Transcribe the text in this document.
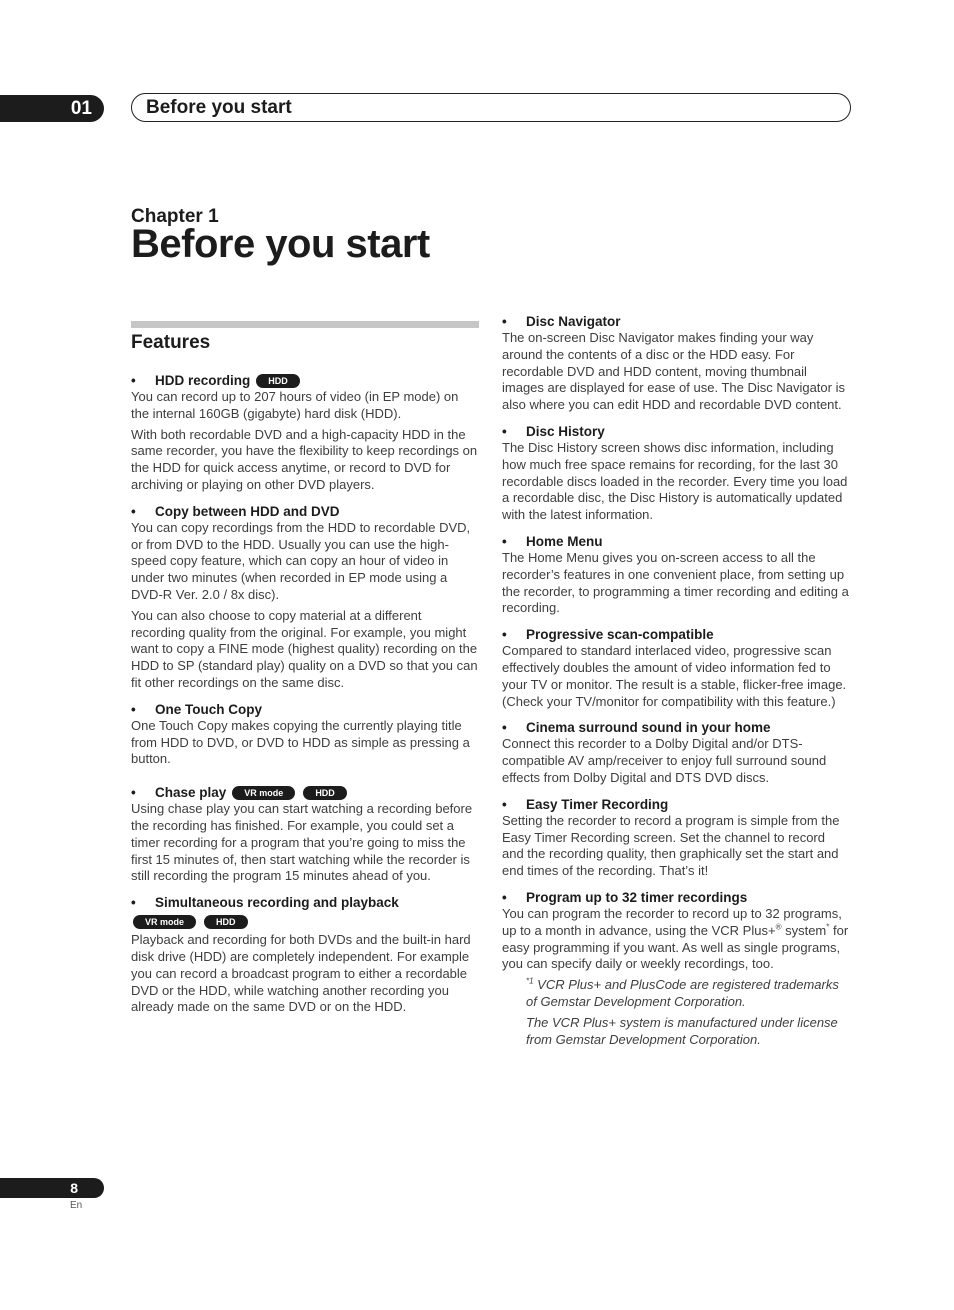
01	Before you start
Chapter 1
Before you start
Features
•	HDD recording	HDD

You can record up to 207 hours of video (in EP mode) on the internal 160GB (gigabyte) hard disk (HDD).

With both recordable DVD and a high-capacity HDD in the same recorder, you have the flexibility to keep recordings on the HDD for quick access anytime, or record to DVD for archiving or playing on other DVD players.

•	Copy between HDD and DVD

You can copy recordings from the HDD to recordable DVD, or from DVD to the HDD. Usually you can use the high-speed copy feature, which can copy an hour of video in under two minutes (when recorded in EP mode using a DVD-R Ver. 2.0 / 8x disc).

You can also choose to copy material at a different recording quality from the original. For example, you might want to copy a FINE mode (highest quality) recording on the HDD to SP (standard play) quality on a DVD so that you can fit other recordings on the same disc.

•	One Touch Copy

One Touch Copy makes copying the currently playing title from HDD to DVD, or DVD to HDD as simple as pressing a button.

•	Chase play	VR mode	HDD

Using chase play you can start watching a recording before the recording has finished. For example, you could set a timer recording for a program that you’re going to miss the first 15 minutes of, then start watching while the recorder is still recording the program 15 minutes ahead of you.

•	Simultaneous recording and playback
VR mode	HDD

Playback and recording for both DVDs and the built-in hard disk drive (HDD) are completely independent. For example you can record a broadcast program to either a recordable DVD or the HDD, while watching another recording you already made on the same DVD or on the HDD.

•	Disc Navigator

The on-screen Disc Navigator makes finding your way around the contents of a disc or the HDD easy. For recordable DVD and HDD content, moving thumbnail images are displayed for ease of use. The Disc Navigator is also where you can edit HDD and recordable DVD content.

•	Disc History

The Disc History screen shows disc information, including how much free space remains for recording, for the last 30 recordable discs loaded in the recorder. Every time you load a recordable disc, the Disc History is automatically updated with the latest information.

•	Home Menu

The Home Menu gives you on-screen access to all the recorder’s features in one convenient place, from setting up the recorder, to programming a timer recording and editing a recording.

•	Progressive scan-compatible

Compared to standard interlaced video, progressive scan effectively doubles the amount of video information fed to your TV or monitor. The result is a stable, flicker-free image. (Check your TV/monitor for compatibility with this feature.)

•	Cinema surround sound in your home

Connect this recorder to a Dolby Digital and/or DTS-compatible AV amp/receiver to enjoy full surround sound effects from Dolby Digital and DTS DVD discs.

•	Easy Timer Recording

Setting the recorder to record a program is simple from the Easy Timer Recording screen. Set the channel to record and the recording quality, then graphically set the start and end times of the recording. That’s it!

•	Program up to 32 timer recordings

You can program the recorder to record up to 32 programs, up to a month in advance, using the VCR Plus+® system* for easy programming if you want. As well as single programs, you can specify daily or weekly recordings, too.

$^{*1}$ VCR Plus+ and PlusCode are registered trademarks of Gemstar Development Corporation.

The VCR Plus+ system is manufactured under license from Gemstar Development Corporation.

8
En
